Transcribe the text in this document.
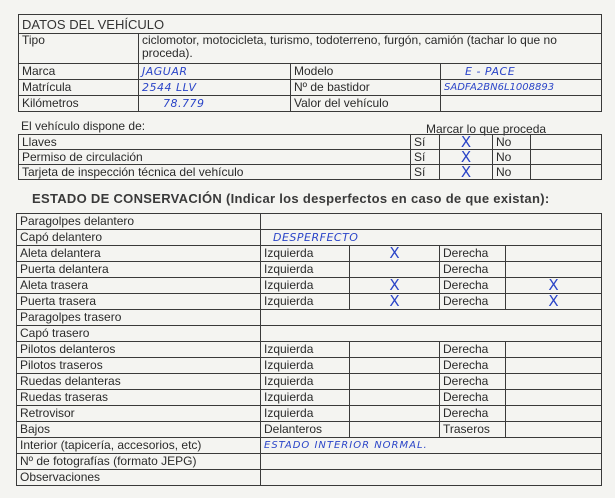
DATOS DEL VEHÍCULO			
Tipo	ciclomotor, motocicleta, turismo, todoterreno, furgón, camión (tachar lo que no proceda).		
Marca	JAGUAR	Modelo	E - PACE
Matrícula	2544 LLV	Nº de bastidor	SADFA2BN6L1008893
Kilómetros	78.779	Valor del vehículo	
El vehículo dispone de:	Marcar lo que proceda
Llaves	Sí	X	No	
Permiso de circulación	Sí	X	No	
Tarjeta de inspección técnica del vehículo	Sí	X	No	
ESTADO DE CONSERVACIÓN (Indicar los desperfectos en caso de que existan):
Paragolpes delantero				
Capó delantero	DESPERFECTO			
Aleta delantera	Izquierda	X	Derecha	
Puerta delantera	Izquierda		Derecha	
Aleta trasera	Izquierda	X	Derecha	X
Puerta trasera	Izquierda	X	Derecha	X
Paragolpes trasero				
Capó trasero				
Pilotos delanteros	Izquierda		Derecha	
Pilotos traseros	Izquierda		Derecha	
Ruedas delanteras	Izquierda		Derecha	
Ruedas traseras	Izquierda		Derecha	
Retrovisor	Izquierda		Derecha	
Bajos	Delanteros		Traseros	
Interior (tapicería, accesorios, etc)	ESTADO INTERIOR NORMAL.			
Nº de fotografías (formato JEPG)				
Observaciones				
